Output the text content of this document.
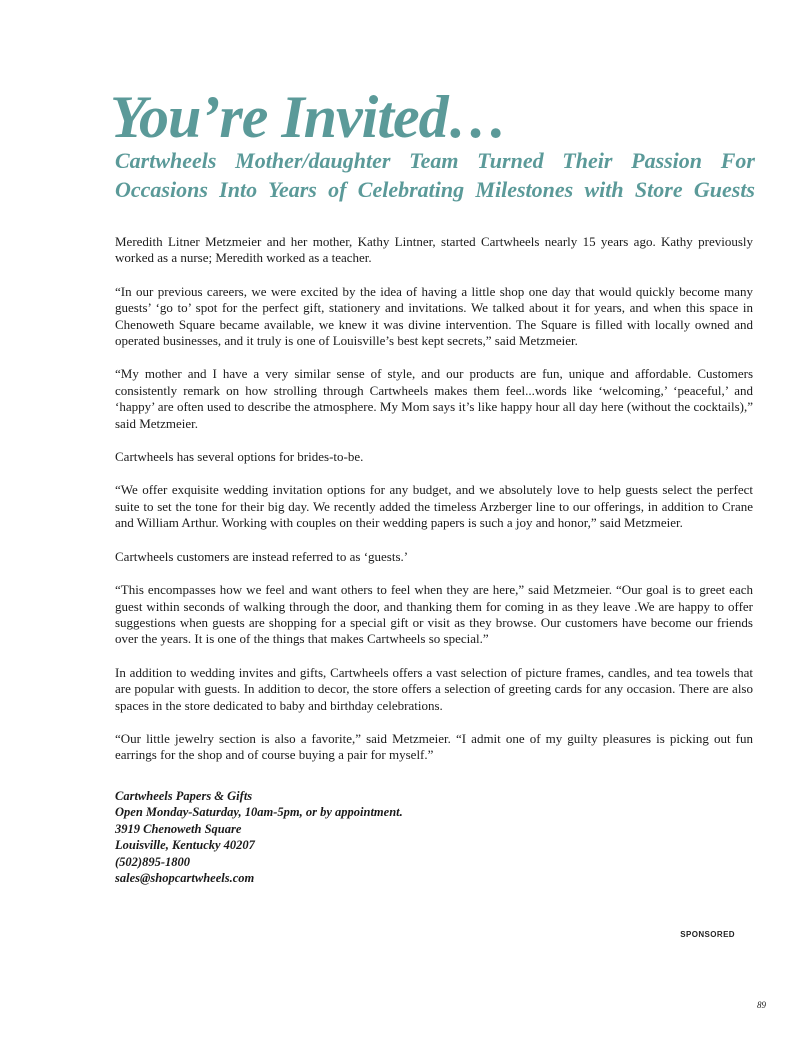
You’re Invited…
Cartwheels Mother/daughter Team Turned Their Passion For
Occasions Into Years of Celebrating Milestones with Store Guests

Meredith Litner Metzmeier and her mother, Kathy Lintner, started Cartwheels nearly 15 years ago. Kathy previously worked as a nurse; Meredith worked as a teacher.

“In our previous careers, we were excited by the idea of having a little shop one day that would quickly become many guests’ ‘go to’ spot for the perfect gift, stationery and invitations. We talked about it for years, and when this space in Chenoweth Square became available, we knew it was divine intervention. The Square is filled with locally owned and operated businesses, and it truly is one of Louisville’s best kept secrets,” said Metzmeier.

“My mother and I have a very similar sense of style, and our products are fun, unique and affordable. Customers consistently remark on how strolling through Cartwheels makes them feel...words like ‘welcoming,’ ‘peaceful,’ and ‘happy’ are often used to describe the atmosphere. My Mom says it’s like happy hour all day here (without the cocktails),” said Metzmeier.

Cartwheels has several options for brides-to-be.

“We offer exquisite wedding invitation options for any budget, and we absolutely love to help guests select the perfect suite to set the tone for their big day. We recently added the timeless Arzberger line to our offerings, in addition to Crane and William Arthur. Working with couples on their wedding papers is such a joy and honor,” said Metzmeier.

Cartwheels customers are instead referred to as ‘guests.’

“This encompasses how we feel and want others to feel when they are here,” said Metzmeier. “Our goal is to greet each guest within seconds of walking through the door, and thanking them for coming in as they leave .We are happy to offer suggestions when guests are shopping for a special gift or visit as they browse. Our customers have become our friends over the years. It is one of the things that makes Cartwheels so special.”

In addition to wedding invites and gifts, Cartwheels offers a vast selection of picture frames, candles, and tea towels that are popular with guests. In addition to decor, the store offers a selection of greeting cards for any occasion. There are also spaces in the store dedicated to baby and birthday celebrations.

“Our little jewelry section is also a favorite,” said Metzmeier. “I admit one of my guilty pleasures is picking out fun earrings for the shop and of course buying a pair for myself.”

Cartwheels Papers & Gifts
Open Monday-Saturday, 10am-5pm, or by appointment.
3919 Chenoweth Square
Louisville, Kentucky 40207
(502)895-1800
sales@shopcartwheels.com
SPONSORED
89
